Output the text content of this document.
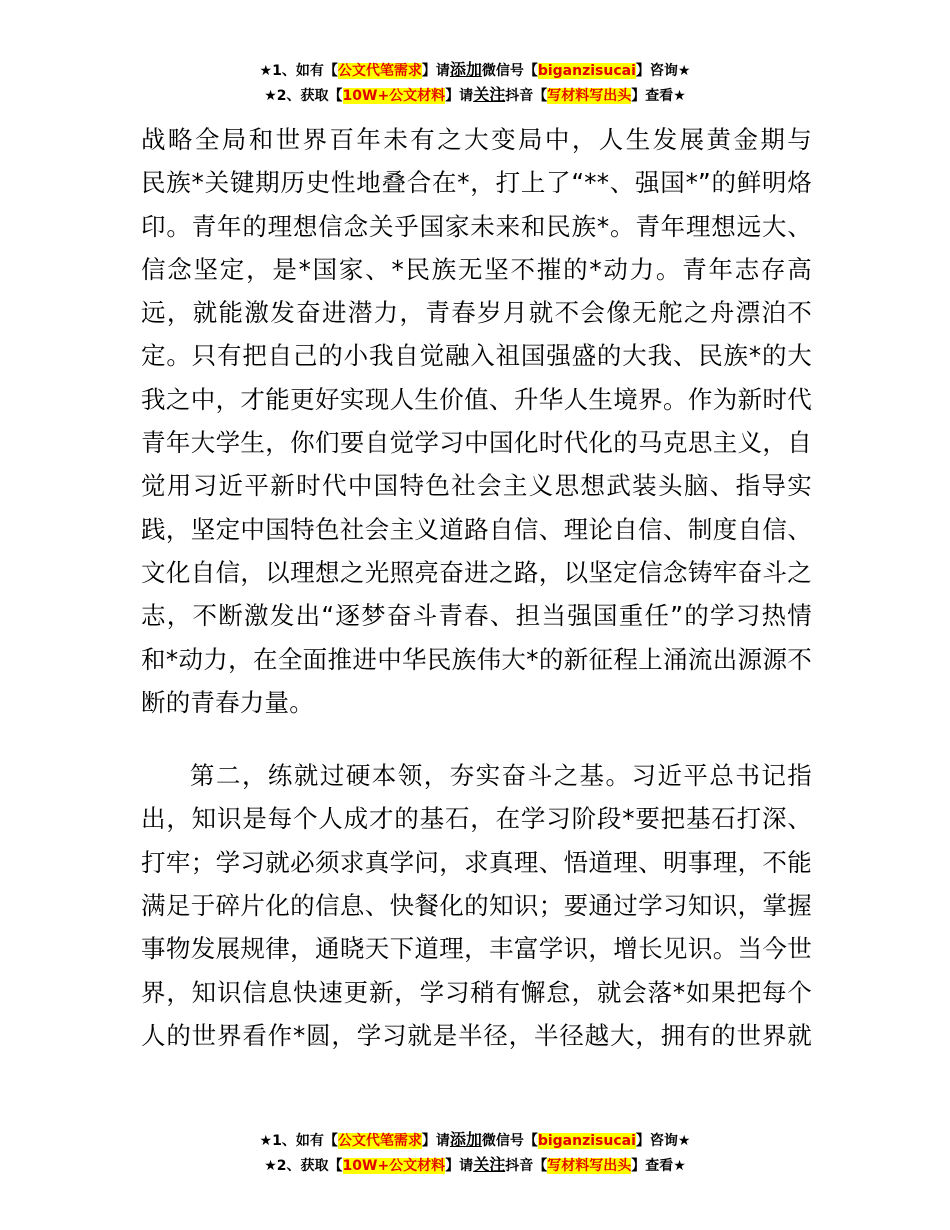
★1、如有【公文代笔需求】请添加微信号【biganzisucai】咨询★
★2、获取【10W+公文材料】请关注抖音【写材料写出头】查看★

战略全局和世界百年未有之大变局中，人生发展黄金期与
民族*关键期历史性地叠合在*，打上了“**、强国*”的鲜明烙
印。青年的理想信念关乎国家未来和民族*。青年理想远大、
信念坚定，是*国家、*民族无坚不摧的*动力。青年志存高
远，就能激发奋进潜力，青春岁月就不会像无舵之舟漂泊不
定。只有把自己的小我自觉融入祖国强盛的大我、民族*的大
我之中，才能更好实现人生价值、升华人生境界。作为新时代
青年大学生，你们要自觉学习中国化时代化的马克思主义，自
觉用习近平新时代中国特色社会主义思想武装头脑、指导实
践，坚定中国特色社会主义道路自信、理论自信、制度自信、
文化自信，以理想之光照亮奋进之路，以坚定信念铸牢奋斗之
志，不断激发出“逐梦奋斗青春、担当强国重任”的学习热情
和*动力，在全面推进中华民族伟大*的新征程上涌流出源源不
断的青春力量。

第二，练就过硬本领，夯实奋斗之基。习近平总书记指
出，知识是每个人成才的基石，在学习阶段*要把基石打深、
打牢；学习就必须求真学问，求真理、悟道理、明事理，不能
满足于碎片化的信息、快餐化的知识；要通过学习知识，掌握
事物发展规律，通晓天下道理，丰富学识，增长见识。当今世
界，知识信息快速更新，学习稍有懈怠，就会落*如果把每个
人的世界看作*圆，学习就是半径，半径越大，拥有的世界就

★1、如有【公文代笔需求】请添加微信号【biganzisucai】咨询★
★2、获取【10W+公文材料】请关注抖音【写材料写出头】查看★
